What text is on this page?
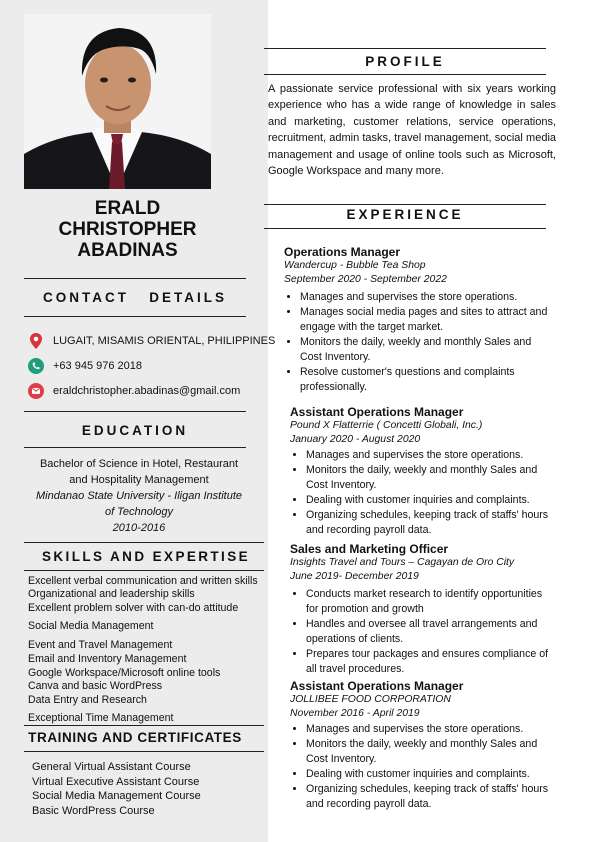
ERALD
CHRISTOPHER
ABADINAS
CONTACT   DETAILS
LUGAIT, MISAMIS ORIENTAL, PHILIPPINES
+63 945 976 2018
eraldchristopher.abadinas@gmail.com
EDUCATION
Bachelor of Science in Hotel, Restaurant
and Hospitality Management
Mindanao State University - Iligan Institute
of Technology
2010-2016
SKILLS AND EXPERTISE
Excellent verbal communication and written skills
Organizational and leadership skills
Excellent problem solver with can-do attitude
Social Media Management
Event and Travel Management
Email and Inventory Management
Google Workspace/Microsoft online tools
Canva and basic WordPress
Data Entry and Research
Exceptional Time Management
TRAINING AND CERTIFICATES
General Virtual Assistant Course
Virtual Executive Assistant Course
Social Media Management Course
Basic WordPress Course
PROFILE
A passionate service professional with six years working experience who has a wide range of knowledge in sales and marketing, customer relations, service operations, recruitment, admin tasks, travel management, social media management and usage of online tools such as Microsoft, Google Workspace and many more.
EXPERIENCE
Operations Manager
Wandercup - Bubble Tea Shop
September 2020 - September 2022
• Manages and supervises the store operations.
• Manages social media pages and sites to attract and engage with the target market.
• Monitors the daily, weekly and monthly Sales and Cost Inventory.
• Resolve customer's questions and complaints professionally.
Assistant Operations Manager
Pound X Flatterrie ( Concetti Globali, Inc.)
January 2020 - August 2020
• Manages and supervises the store operations.
• Monitors the daily, weekly and monthly Sales and Cost Inventory.
• Dealing with customer inquiries and complaints.
• Organizing schedules, keeping track of staffs' hours and recording payroll data.
Sales and Marketing Officer
Insights Travel and Tours – Cagayan de Oro City
June 2019- December 2019
• Conducts market research to identify opportunities for promotion and growth
• Handles and oversee all travel arrangements and operations of clients.
• Prepares tour packages and ensures compliance of all travel procedures.
Assistant Operations Manager
JOLLIBEE FOOD CORPORATION
November 2016 - April 2019
• Manages and supervises the store operations.
• Monitors the daily, weekly and monthly Sales and Cost Inventory.
• Dealing with customer inquiries and complaints.
• Organizing schedules, keeping track of staffs' hours and recording payroll data.
